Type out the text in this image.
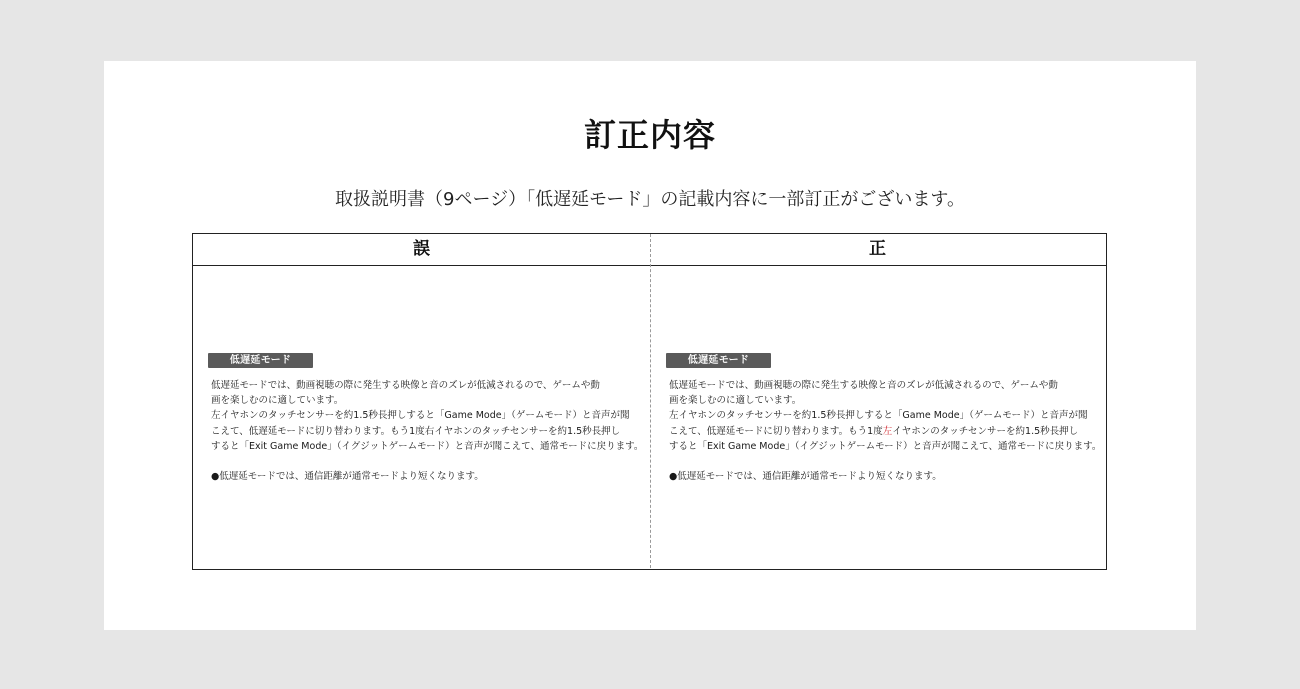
訂正内容
取扱説明書（9ページ）「低遅延モード」の記載内容に一部訂正がございます。
誤	正
低遅延モード
低遅延モードでは、動画視聴の際に発生する映像と音のズレが低減されるので、ゲームや動
画を楽しむのに適しています。
左イヤホンのタッチセンサーを約1.5秒長押しすると「Game Mode」（ゲームモード）と音声が聞
こえて、低遅延モードに切り替わります。もう1度右イヤホンのタッチセンサーを約1.5秒長押し
すると「Exit Game Mode」（イグジットゲームモード）と音声が聞こえて、通常モードに戻ります。
●低遅延モードでは、通信距離が通常モードより短くなります。
低遅延モード
低遅延モードでは、動画視聴の際に発生する映像と音のズレが低減されるので、ゲームや動
画を楽しむのに適しています。
左イヤホンのタッチセンサーを約1.5秒長押しすると「Game Mode」（ゲームモード）と音声が聞
こえて、低遅延モードに切り替わります。もう1度左イヤホンのタッチセンサーを約1.5秒長押し
すると「Exit Game Mode」（イグジットゲームモード）と音声が聞こえて、通常モードに戻ります。
●低遅延モードでは、通信距離が通常モードより短くなります。
